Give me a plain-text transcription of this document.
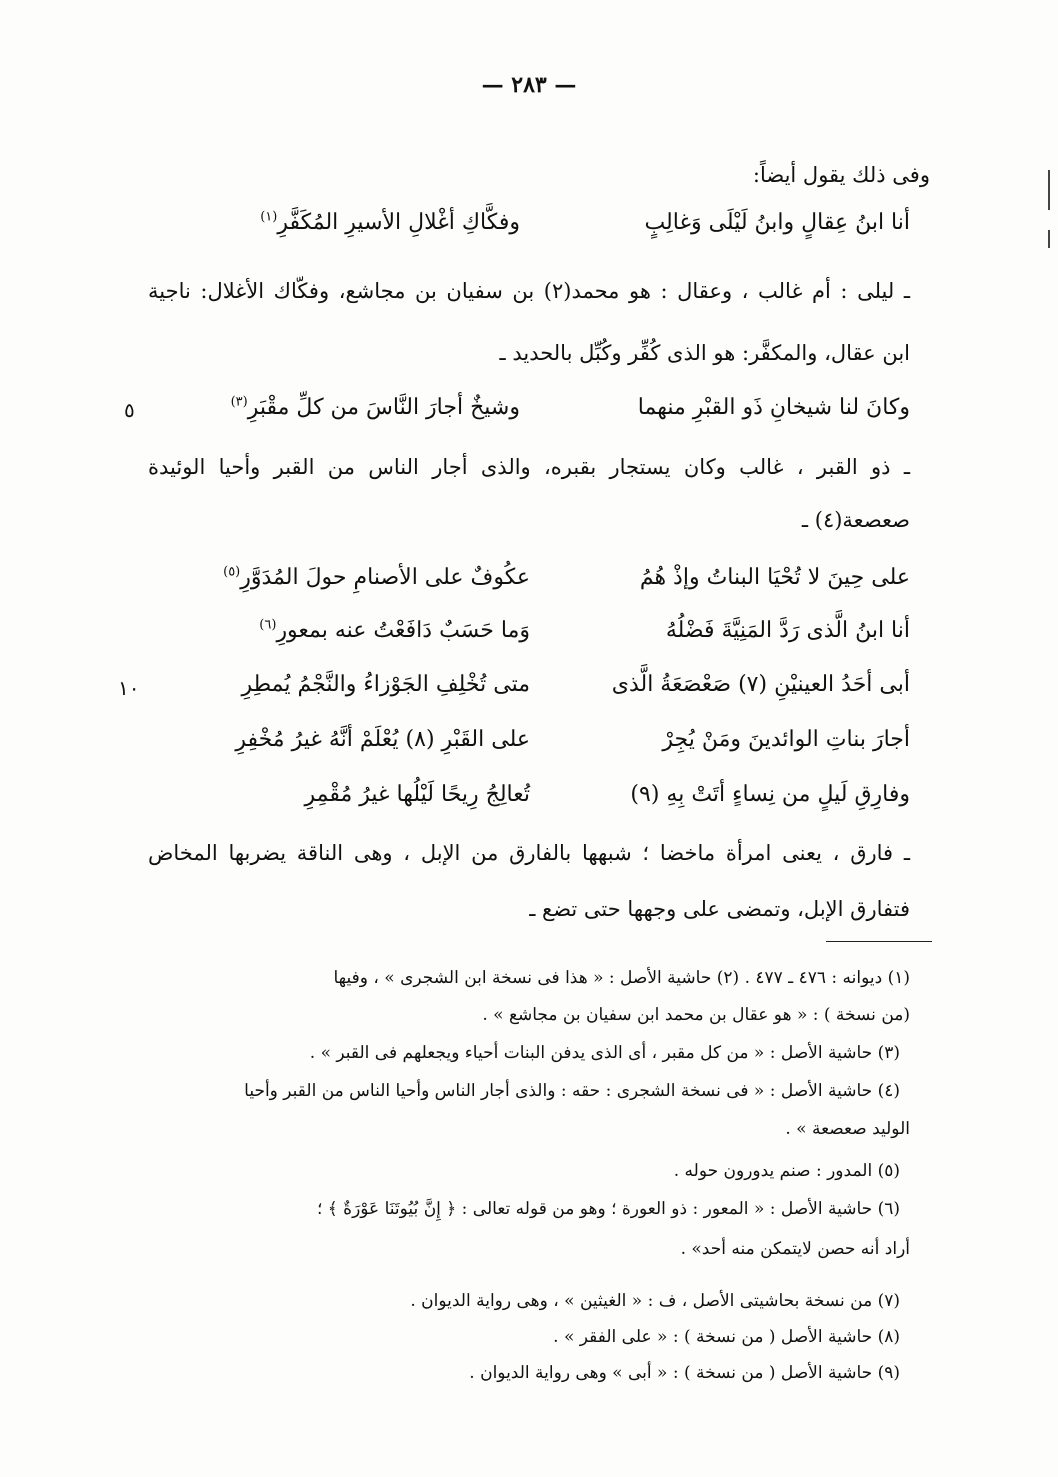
— ٢٨٣ —
وفى ذلك يقول أيضاً:
أنا ابنُ عِقالٍ وابنُ لَيْلَى وَغالِبٍ
وفكَّاكِ أغْلالِ الأسيرِ المُكَفَّرِ$^{(١)}$
ـ ليلى : أم غالب ، وعقال : هو محمد(٢) بن سفيان بن مجاشع، وفكّاك الأغلال: ناجية
ابن عقال، والمكفَّر: هو الذى كُفِّر وكُبِّل بالحديد ـ
وكانَ لنا شيخانِ ذَو القبْرِ منهما
وشيخٌ أجارَ النَّاسَ من كلِّ مقْبَرِ$^{(٣)}$
٥
ـ ذو القبر ، غالب وكان يستجار بقبره، والذى أجار الناس من القبر وأحيا الوئيدة
صعصعة(٤) ـ
على حِينَ لا تُحْيَا البناتُ وإذْ هُمُ
عكُوفٌ على الأصنامِ حولَ المُدَوَّرِ$^{(٥)}$
أنا ابنُ الَّذى رَدَّ المَنِيَّةَ فَضْلُهُ
وَما حَسَبٌ دَافَعْتُ عنه بمعورِ$^{(٦)}$
أبى أحَدُ العينيْنِ (٧) صَعْصَعَةُ الَّذى
متى تُخْلِفِ الجَوْزاءُ والنَّجْمُ يُمطِرِ
١٠
أجارَ بناتِ الوائدينَ ومَنْ يُجِرْ
على القَبْرِ (٨) يُعْلَمْ أنَّهُ غيرُ مُخْفِرِ
وفارِقِ لَيلٍ من نِساءٍ أتَتْ بِهِ (٩)
تُعالِجُ رِيحًا لَيْلُها غيرُ مُقْمِرِ
ـ فارق ، يعنى امرأة ماخضا ؛ شبهها بالفارق من الإبل ، وهى الناقة يضربها المخاض
فتفارق الإبل، وتمضى على وجهها حتى تضع ـ
(١) ديوانه : ٤٧٦ ـ ٤٧٧ . (٢) حاشية الأصل : « هذا فى نسخة ابن الشجرى » ، وفيها
(من نسخة ) : « هو عقال بن محمد ابن سفيان بن مجاشع » .
(٣) حاشية الأصل : « من كل مقبر ، أى الذى يدفن البنات أحياء ويجعلهم فى القبر » .
(٤) حاشية الأصل : « فى نسخة الشجرى : حقه : والذى أجار الناس وأحيا الناس من القبر وأحيا
الوليد صعصعة » .
(٥) المدور : صنم يدورون حوله .
(٦) حاشية الأصل : « المعور : ذو العورة ؛ وهو من قوله تعالى : ﴿ إِنَّ بُيُوتَنَا عَوْرَةٌ ﴾ ؛
أراد أنه حصن لايتمكن منه أحد» .
(٧) من نسخة بحاشيتى الأصل ، ف : « الغيثين » ، وهى رواية الديوان .
(٨) حاشية الأصل ( من نسخة ) : « على الفقر » .
(٩) حاشية الأصل ( من نسخة ) : « أبى » وهى رواية الديوان .
